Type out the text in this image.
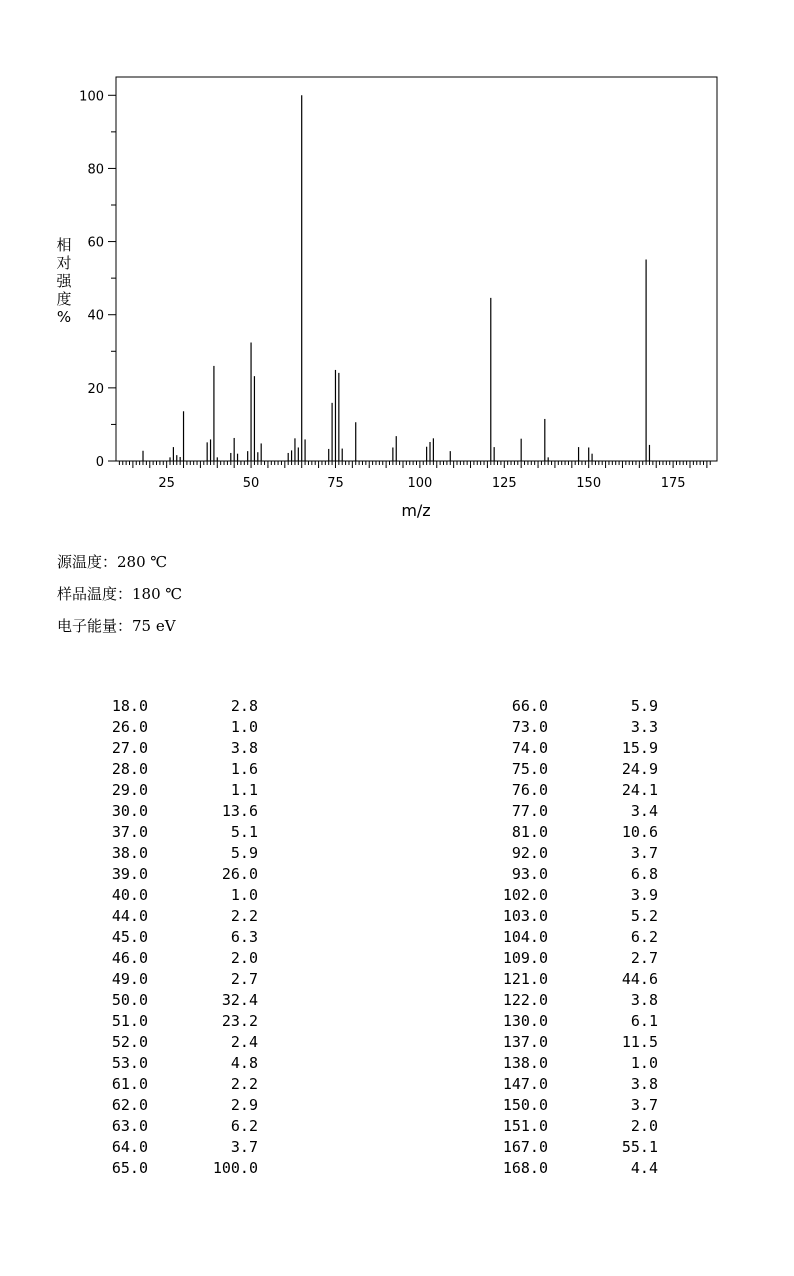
0
20
40
60
80
100
25	50	75	100	125	150	175
m/z
相对强度%
源温度：280 ℃
样品温度：180 ℃
电子能量：75 eV
18.0	2.8
26.0	1.0
27.0	3.8
28.0	1.6
29.0	1.1
30.0	13.6
37.0	5.1
38.0	5.9
39.0	26.0
40.0	1.0
44.0	2.2
45.0	6.3
46.0	2.0
49.0	2.7
50.0	32.4
51.0	23.2
52.0	2.4
53.0	4.8
61.0	2.2
62.0	2.9
63.0	6.2
64.0	3.7
65.0	100.0
66.0	5.9
73.0	3.3
74.0	15.9
75.0	24.9
76.0	24.1
77.0	3.4
81.0	10.6
92.0	3.7
93.0	6.8
102.0	3.9
103.0	5.2
104.0	6.2
109.0	2.7
121.0	44.6
122.0	3.8
130.0	6.1
137.0	11.5
138.0	1.0
147.0	3.8
150.0	3.7
151.0	2.0
167.0	55.1
168.0	4.4
